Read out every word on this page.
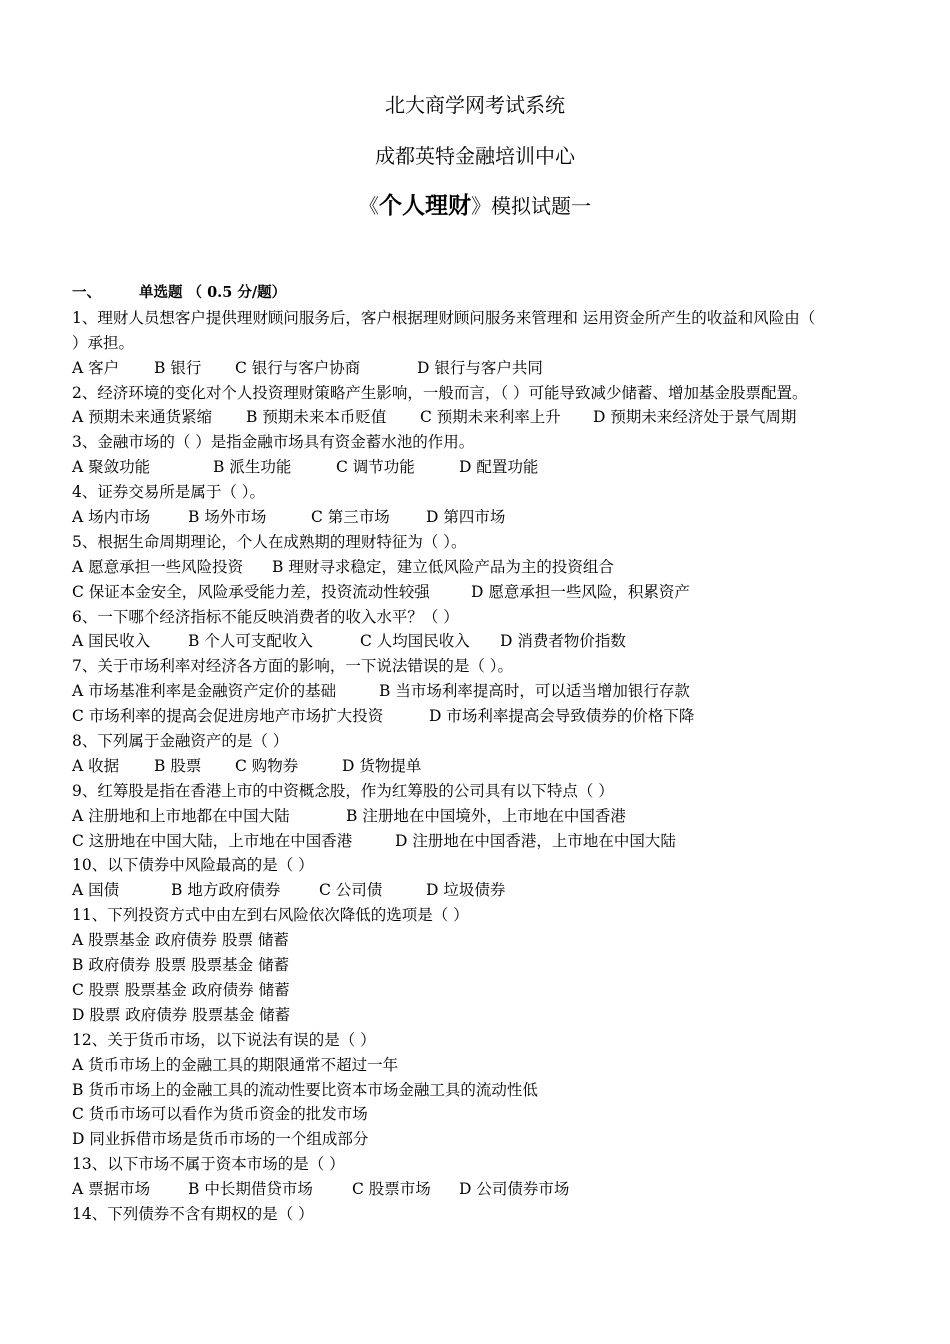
北大商学网考试系统
成都英特金融培训中心
《个人理财》模拟试题一
一、	单选题 （ 0.5 分/题）
1、理财人员想客户提供理财顾问服务后，客户根据理财顾问服务来管理和 运用资金所产生的收益和风险由（
）承担。
A 客户 B 银行 C 银行与客户协商	D 银行与客户共同
2、经济环境的变化对个人投资理财策略产生影响，一般而言，（ ）可能导致减少储蓄、增加基金股票配置。
A 预期未来通货紧缩 B 预期未来本币贬值 C 预期未来利率上升 D 预期未来经济处于景气周期
3、金融市场的（ ）是指金融市场具有资金蓄水池的作用。
A 聚敛功能	B 派生功能	C 调节功能	D 配置功能
4、证券交易所是属于（ ）。
A 场内市场 B 场外市场	C 第三市场 D 第四市场
5、根据生命周期理论，个人在成熟期的理财特征为（ ）。
A 愿意承担一些风险投资 B 理财寻求稳定，建立低风险产品为主的投资组合
C 保证本金安全，风险承受能力差，投资流动性较强	D 愿意承担一些风险，积累资产
6、一下哪个经济指标不能反映消费者的收入水平？（ ）
A 国民收入 B 个人可支配收入	C 人均国民收入 D 消费者物价指数
7、关于市场利率对经济各方面的影响，一下说法错误的是（ ）。
A 市场基准利率是金融资产定价的基础	B 当市场利率提高时，可以适当增加银行存款
C 市场利率的提高会促进房地产市场扩大投资	D 市场利率提高会导致债券的价格下降
8、下列属于金融资产的是（ ）
A 收据 B 股票 C 购物券	D 货物提单
9、红筹股是指在香港上市的中资概念股，作为红筹股的公司具有以下特点（ ）
A 注册地和上市地都在中国大陆	B 注册地在中国境外，上市地在中国香港
C 这册地在中国大陆，上市地在中国香港	D 注册地在中国香港，上市地在中国大陆
10、以下债券中风险最高的是（ ）
A 国债	B 地方政府债券 C 公司债	D 垃圾债券
11、下列投资方式中由左到右风险依次降低的选项是（ ）
A 股票基金 政府债券 股票 储蓄
B 政府债券 股票 股票基金 储蓄
C 股票 股票基金 政府债券 储蓄
D 股票 政府债券 股票基金 储蓄
12、关于货币市场，以下说法有误的是（ ）
A 货币市场上的金融工具的期限通常不超过一年
B 货币市场上的金融工具的流动性要比资本市场金融工具的流动性低
C 货币市场可以看作为货币资金的批发市场
D 同业拆借市场是货币市场的一个组成部分
13、以下市场不属于资本市场的是（ ）
A 票据市场 B 中长期借贷市场	C 股票市场 D 公司债券市场
14、下列债券不含有期权的是（ ）
